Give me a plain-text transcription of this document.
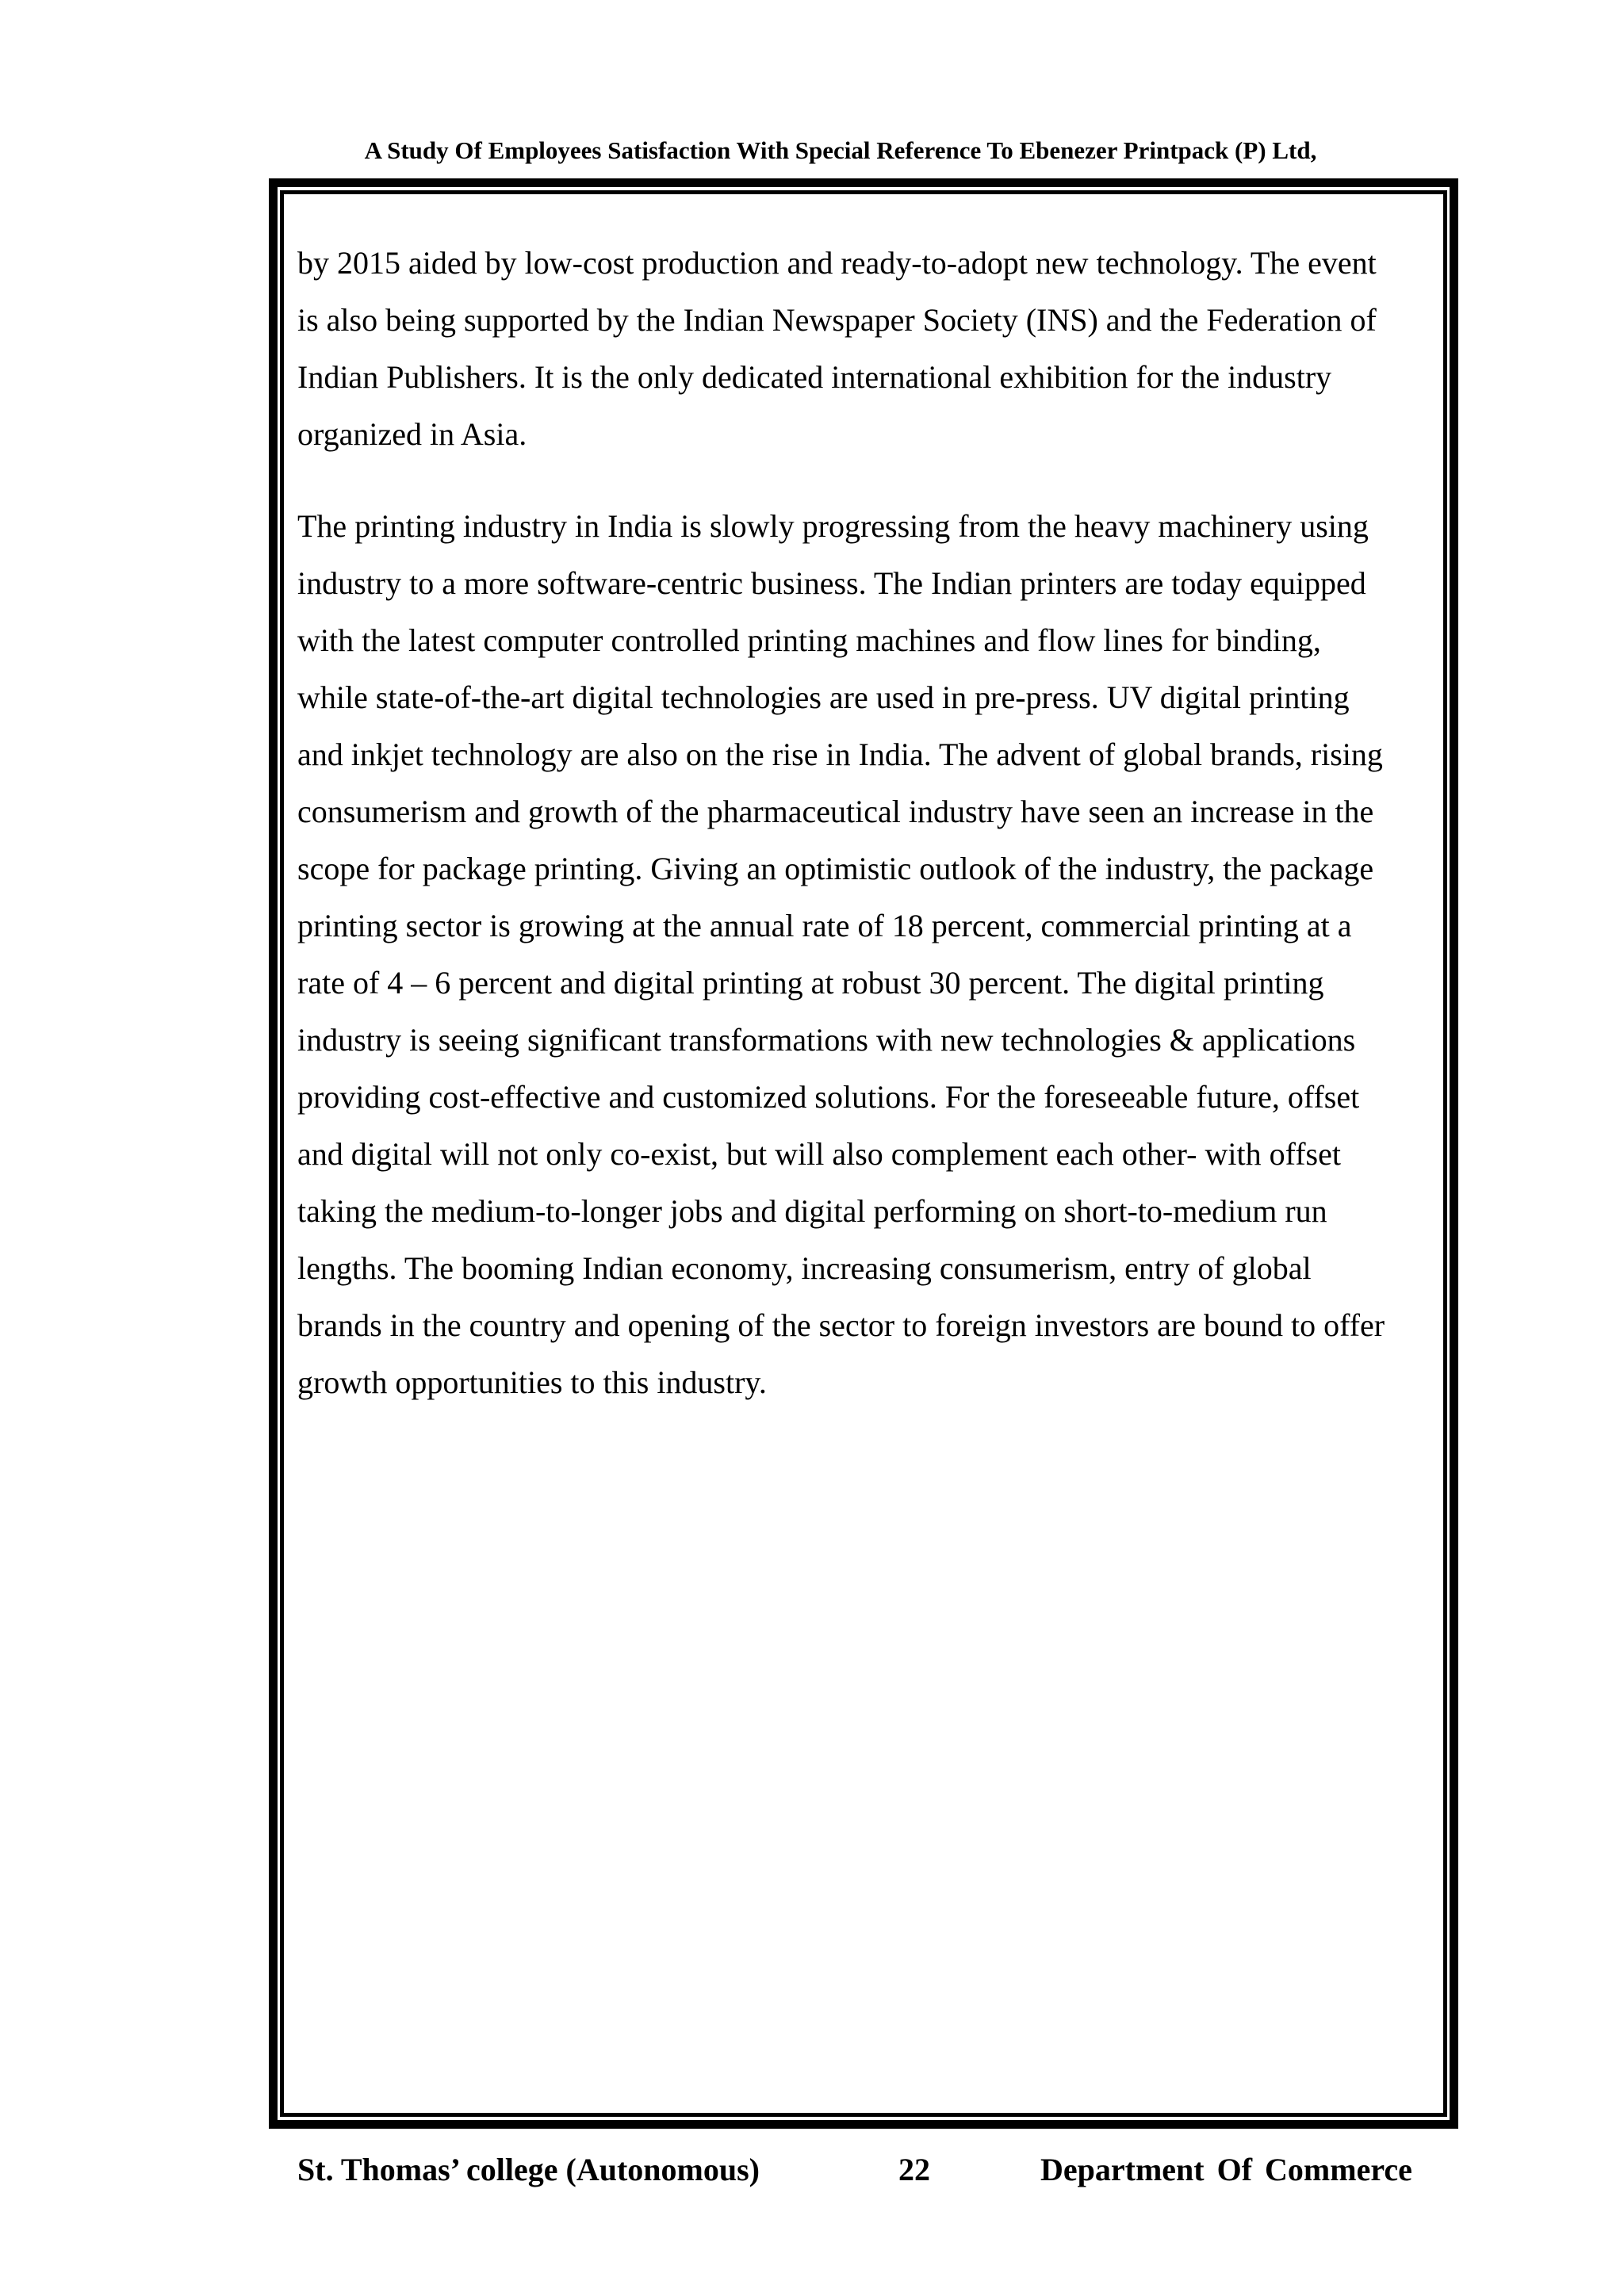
A Study Of Employees Satisfaction With Special Reference To Ebenezer Printpack (P) Ltd,

by 2015 aided by low-cost production and ready-to-adopt new technology. The event

is also being supported by the Indian Newspaper Society (INS) and the Federation of

Indian Publishers. It is the only dedicated international exhibition for the industry

organized in Asia.

The printing industry in India is slowly progressing from the heavy machinery using

industry to a more software-centric business. The Indian printers are today equipped

with the latest computer controlled printing machines and flow lines for binding,

while state-of-the-art digital technologies are used in pre-press. UV digital printing

and inkjet technology are also on the rise in India. The advent of global brands, rising

consumerism and growth of the pharmaceutical industry have seen an increase in the

scope for package printing. Giving an optimistic outlook of the industry, the package

printing sector is growing at the annual rate of 18 percent, commercial printing at a

rate of 4 – 6 percent and digital printing at robust 30 percent. The digital printing

industry is seeing significant transformations with new technologies & applications

providing cost-effective and customized solutions. For the foreseeable future, offset

and digital will not only co-exist, but will also complement each other- with offset

taking the medium-to-longer jobs and digital performing on short-to-medium run

lengths. The booming Indian economy, increasing consumerism, entry of global

brands in the country and opening of the sector to foreign investors are bound to offer

growth opportunities to this industry.

St. Thomas’ college (Autonomous)	22	Department Of Commerce
